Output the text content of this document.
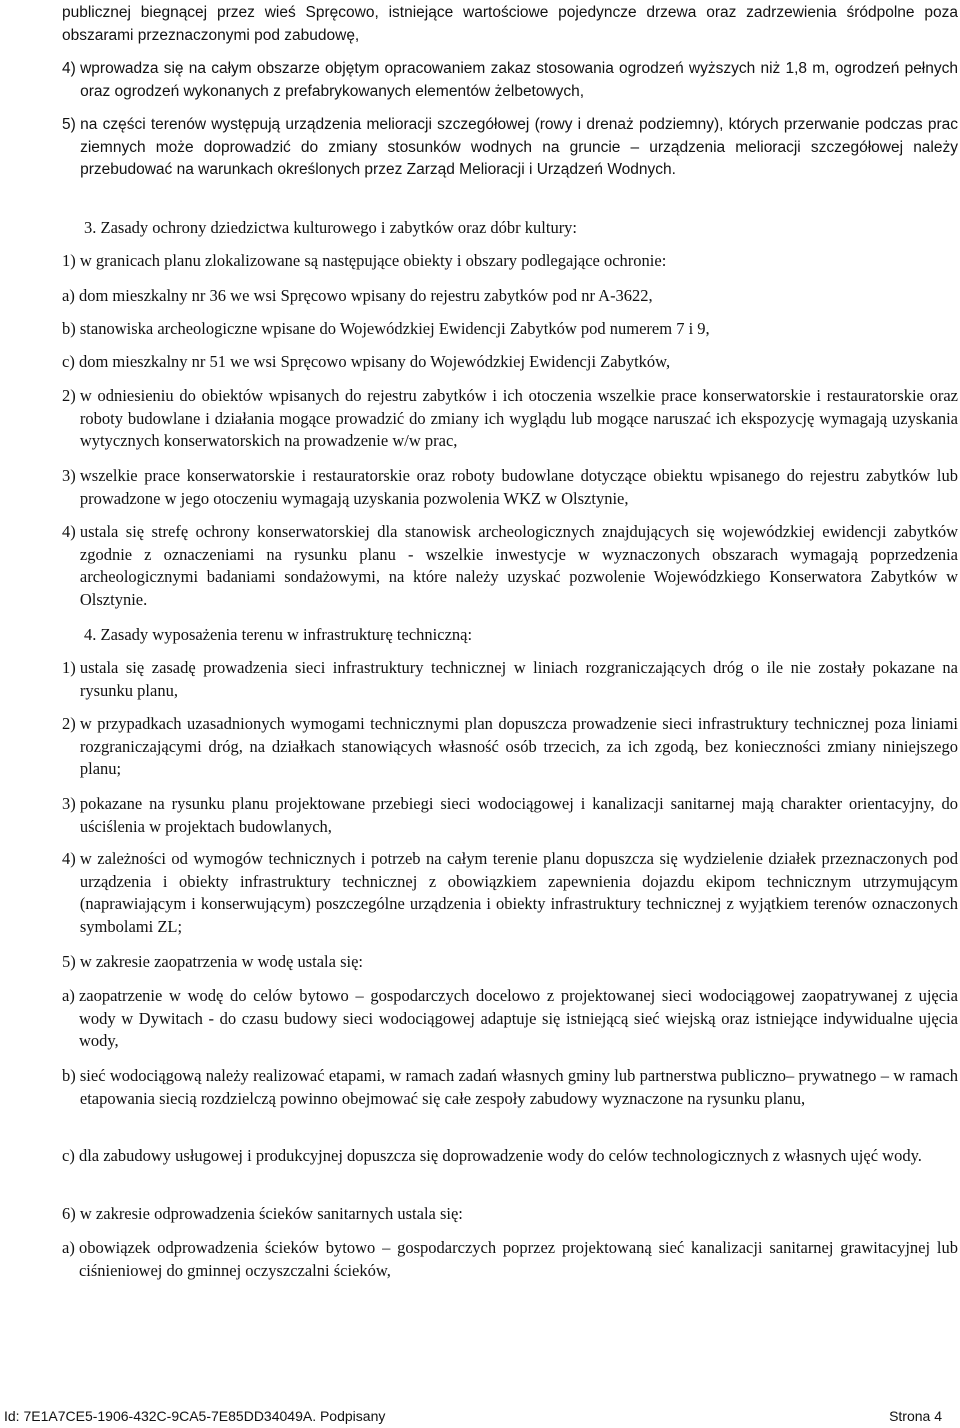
publicznej biegnącej przez wieś Spręcowo, istniejące wartościowe pojedyncze drzewa oraz zadrzewienia śródpolne poza obszarami przeznaczonymi pod zabudowę,
4) wprowadza się na całym obszarze objętym opracowaniem zakaz stosowania ogrodzeń wyższych niż 1,8 m, ogrodzeń pełnych oraz ogrodzeń wykonanych z prefabrykowanych elementów żelbetowych,
5) na części terenów występują urządzenia melioracji szczegółowej (rowy i drenaż podziemny), których przerwanie podczas prac ziemnych może doprowadzić do zmiany stosunków wodnych na gruncie – urządzenia melioracji szczegółowej należy przebudować na warunkach określonych przez Zarząd Melioracji i Urządzeń Wodnych.
3. Zasady ochrony dziedzictwa kulturowego i zabytków oraz dóbr kultury:
1) w granicach planu zlokalizowane są następujące obiekty i obszary podlegające ochronie:
a) dom mieszkalny nr 36 we wsi Spręcowo wpisany do rejestru zabytków pod nr A-3622,
b) stanowiska archeologiczne wpisane do Wojewódzkiej Ewidencji Zabytków pod numerem 7 i 9,
c) dom mieszkalny nr 51 we wsi Spręcowo wpisany do Wojewódzkiej Ewidencji Zabytków,
2) w odniesieniu do obiektów wpisanych do rejestru zabytków i ich otoczenia wszelkie prace konserwatorskie i restauratorskie oraz roboty budowlane i działania mogące prowadzić do zmiany ich wyglądu lub mogące naruszać ich ekspozycję wymagają uzyskania wytycznych konserwatorskich na prowadzenie w/w prac,
3) wszelkie prace konserwatorskie i restauratorskie oraz roboty budowlane dotyczące obiektu wpisanego do rejestru zabytków lub prowadzone w jego otoczeniu wymagają uzyskania pozwolenia WKZ w Olsztynie,
4) ustala się strefę ochrony konserwatorskiej dla stanowisk archeologicznych znajdujących się wojewódzkiej ewidencji zabytków zgodnie z oznaczeniami na rysunku planu - wszelkie inwestycje w wyznaczonych obszarach wymagają poprzedzenia archeologicznymi badaniami sondażowymi, na które należy uzyskać pozwolenie Wojewódzkiego Konserwatora Zabytków w Olsztynie.
4. Zasady wyposażenia terenu w infrastrukturę techniczną:
1) ustala się zasadę prowadzenia sieci infrastruktury technicznej w liniach rozgraniczających dróg o ile nie zostały pokazane na rysunku planu,
2) w przypadkach uzasadnionych wymogami technicznymi plan dopuszcza prowadzenie sieci infrastruktury technicznej poza liniami rozgraniczającymi dróg, na działkach stanowiących własność osób trzecich, za ich zgodą, bez konieczności zmiany niniejszego planu;
3) pokazane na rysunku planu projektowane przebiegi sieci wodociągowej i kanalizacji sanitarnej mają charakter orientacyjny, do uściślenia w projektach budowlanych,
4) w zależności od wymogów technicznych i potrzeb na całym terenie planu dopuszcza się wydzielenie działek przeznaczonych pod urządzenia i obiekty infrastruktury technicznej z obowiązkiem zapewnienia dojazdu ekipom technicznym utrzymującym (naprawiającym i konserwującym) poszczególne urządzenia i obiekty infrastruktury technicznej z wyjątkiem terenów oznaczonych symbolami ZL;
5) w zakresie zaopatrzenia w wodę ustala się:
a) zaopatrzenie w wodę do celów bytowo – gospodarczych docelowo z projektowanej sieci wodociągowej zaopatrywanej z ujęcia wody w Dywitach - do czasu budowy sieci wodociągowej adaptuje się istniejącą sieć wiejską oraz istniejące indywidualne ujęcia wody,
b) sieć wodociągową należy realizować etapami, w ramach zadań własnych gminy lub partnerstwa publiczno– prywatnego – w ramach etapowania siecią rozdzielczą powinno obejmować się całe zespoły zabudowy wyznaczone na rysunku planu,
c) dla zabudowy usługowej i produkcyjnej dopuszcza się doprowadzenie wody do celów technologicznych z własnych ujęć wody.
6) w zakresie odprowadzenia ścieków sanitarnych ustala się:
a) obowiązek odprowadzenia ścieków bytowo – gospodarczych poprzez projektowaną sieć kanalizacji sanitarnej grawitacyjnej lub ciśnieniowej do gminnej oczyszczalni ścieków,
Id: 7E1A7CE5-1906-432C-9CA5-7E85DD34049A. Podpisany	Strona 4
